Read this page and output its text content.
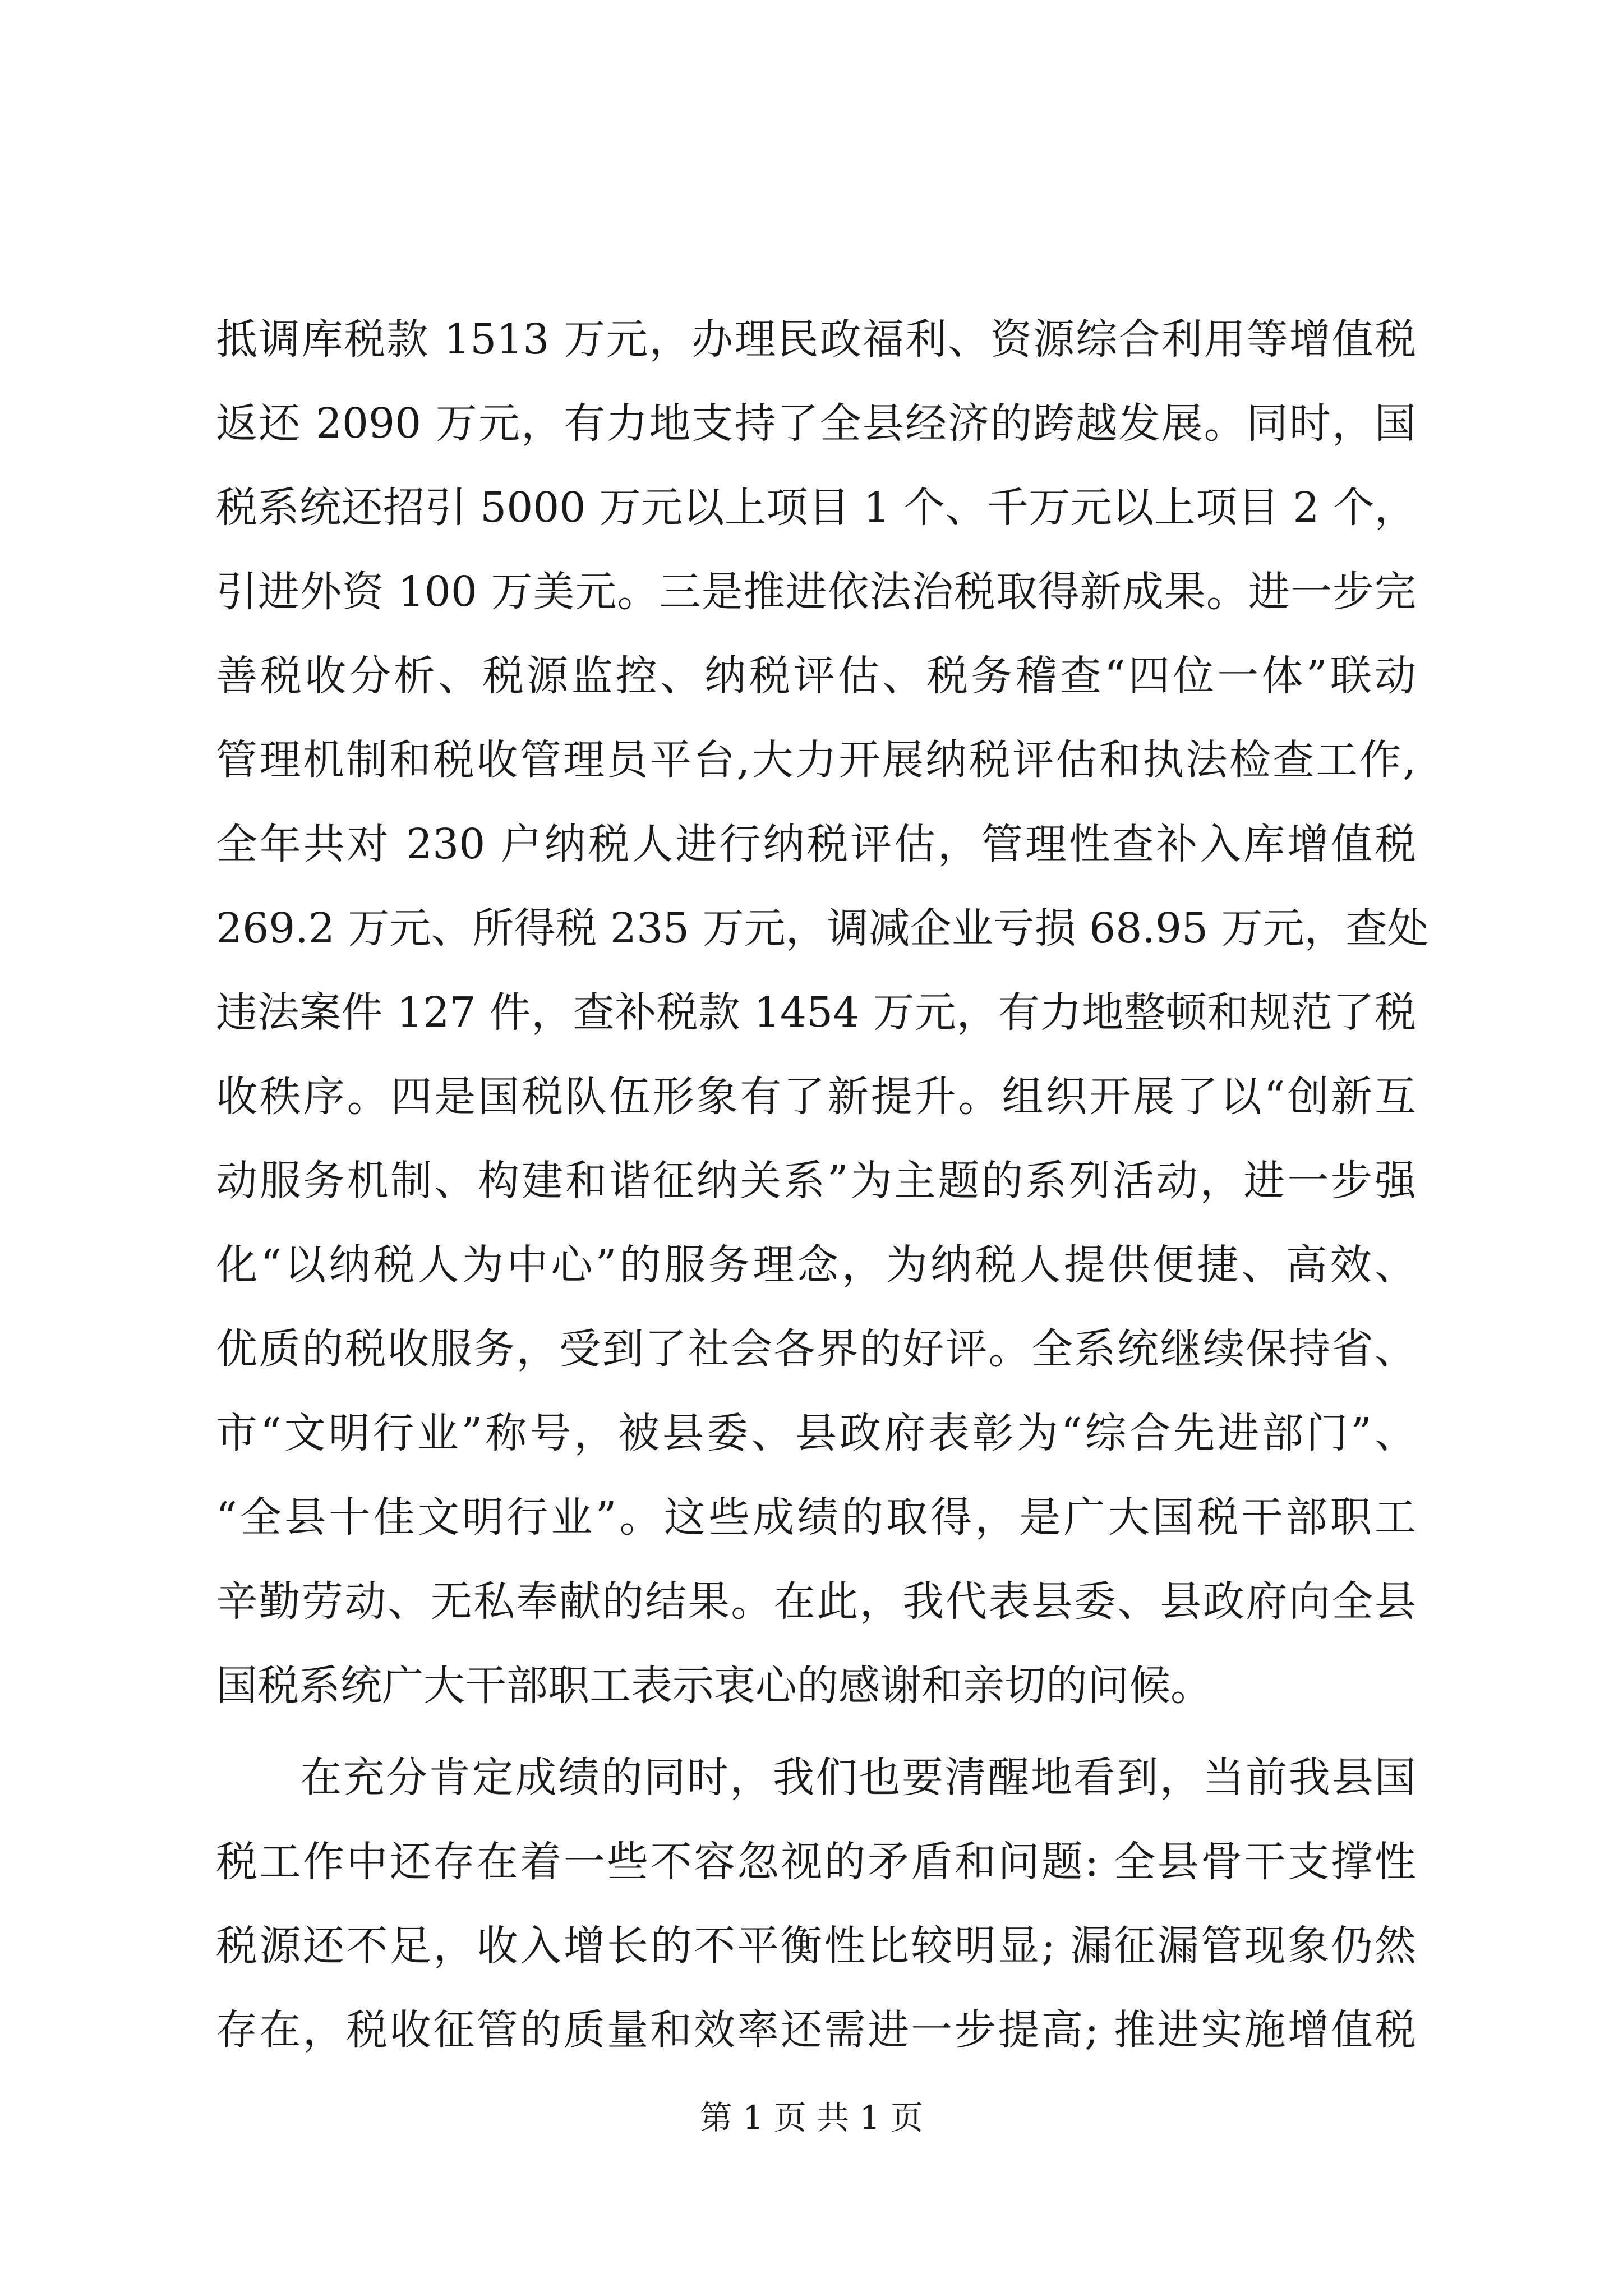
抵调库税款 1513 万元，办理民政福利、资源综合利用等增值税
返还 2090 万元，有力地支持了全县经济的跨越发展。同时，国
税系统还招引 5000 万元以上项目 1 个、千万元以上项目 2 个，
引进外资 100 万美元。三是推进依法治税取得新成果。进一步完
善税收分析、税源监控、纳税评估、税务稽查“四位一体”联动
管理机制和税收管理员平台,大力开展纳税评估和执法检查工作,
全年共对 230 户纳税人进行纳税评估，管理性查补入库增值税
269.2 万元、所得税 235 万元，调减企业亏损 68.95 万元，查处
违法案件 127 件，查补税款 1454 万元，有力地整顿和规范了税
收秩序。四是国税队伍形象有了新提升。组织开展了以“创新互
动服务机制、构建和谐征纳关系”为主题的系列活动，进一步强
化“以纳税人为中心”的服务理念，为纳税人提供便捷、高效、
优质的税收服务，受到了社会各界的好评。全系统继续保持省、
市“文明行业”称号，被县委、县政府表彰为“综合先进部门”、
“全县十佳文明行业”。这些成绩的取得，是广大国税干部职工
辛勤劳动、无私奉献的结果。在此，我代表县委、县政府向全县
国税系统广大干部职工表示衷心的感谢和亲切的问候。
在充分肯定成绩的同时，我们也要清醒地看到，当前我县国
税工作中还存在着一些不容忽视的矛盾和问题: 全县骨干支撑性
税源还不足，收入增长的不平衡性比较明显; 漏征漏管现象仍然
存在，税收征管的质量和效率还需进一步提高; 推进实施增值税
第 1 页 共 1 页
